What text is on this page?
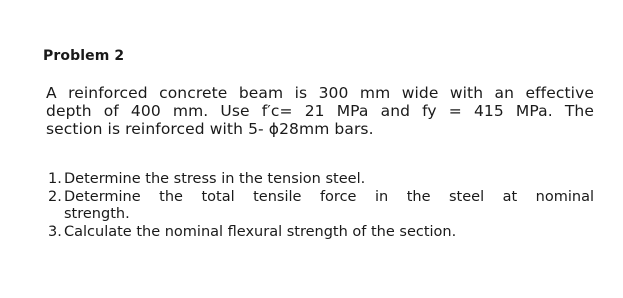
Problem 2
A reinforced concrete beam is 300 mm wide with an effective
depth of 400 mm. Use f′c= 21 MPa and fy = 415 MPa. The
section is reinforced with 5- ϕ28mm bars.
1. Determine the stress in the tension steel.
2. Determine the total tensile force in the steel at nominal
strength.
3. Calculate the nominal flexural strength of the section.
